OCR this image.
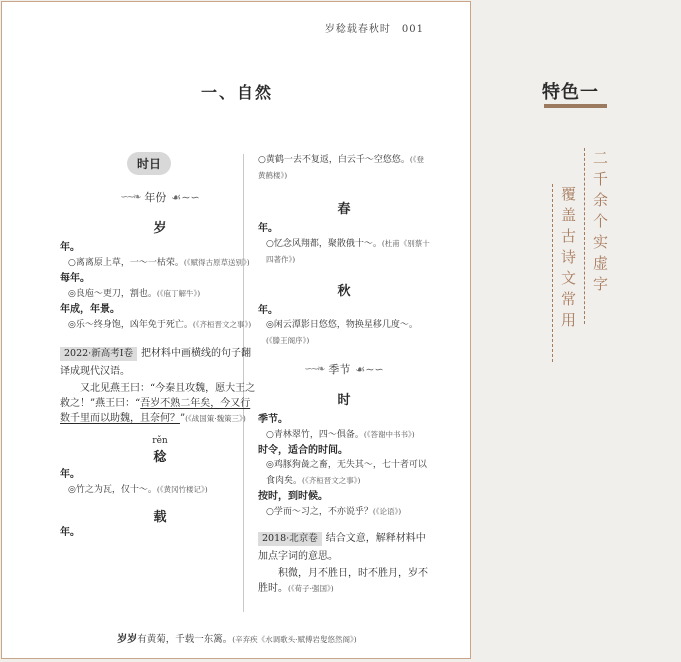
岁稔载春秋时　001
一、自然
时日
∽∼❧ 年份 ☙∼∽
岁
年。
○离离原上草，一～一枯荣。(《赋得古原草送别》)
每年。
◎良庖～更刀，割也。(《庖丁解牛》)
年成，年景。
◎乐～终身饱，凶年免于死亡。(《齐桓晋文之事》)
2022·新高考Ⅰ卷 把材料中画横线的句子翻译成现代汉语。
又北见燕王曰：“今秦且攻魏，愿大王之救之！”燕王曰：“吾岁不熟二年矣，今又行数千里而以助魏，且奈何？”(《战国策·魏策三》)
rěn
稔
年。
◎竹之为瓦，仅十～。(《黄冈竹楼记》)
载
年。
○黄鹤一去不复返，白云千～空悠悠。(《登黄鹤楼》)
春
年。
○忆念风翔都，聚散俄十～。(杜甫《别蔡十四著作》)
秋
年。
◎闲云潭影日悠悠，物换星移几度～。(《滕王阁序》)
∽∼❧ 季节 ☙∼∽
时
季节。
○青林翠竹，四～俱备。(《答谢中书书》)
时令，适合的时间。
◎鸡豚狗彘之畜，无失其～，七十者可以食肉矣。(《齐桓晋文之事》)
按时，到时候。
○学而～习之，不亦说乎？(《论语》)
2018·北京卷 结合文意，解释材料中加点字词的意思。
积微，月不胜日，时不胜月，岁不胜时。(《荀子·强国》)
岁岁有黄菊，千载一东篱。(辛弃疾《水调歌头·赋傅岩叟悠然阁》)
特色一
二千余个实虚字
覆盖古诗文常用
